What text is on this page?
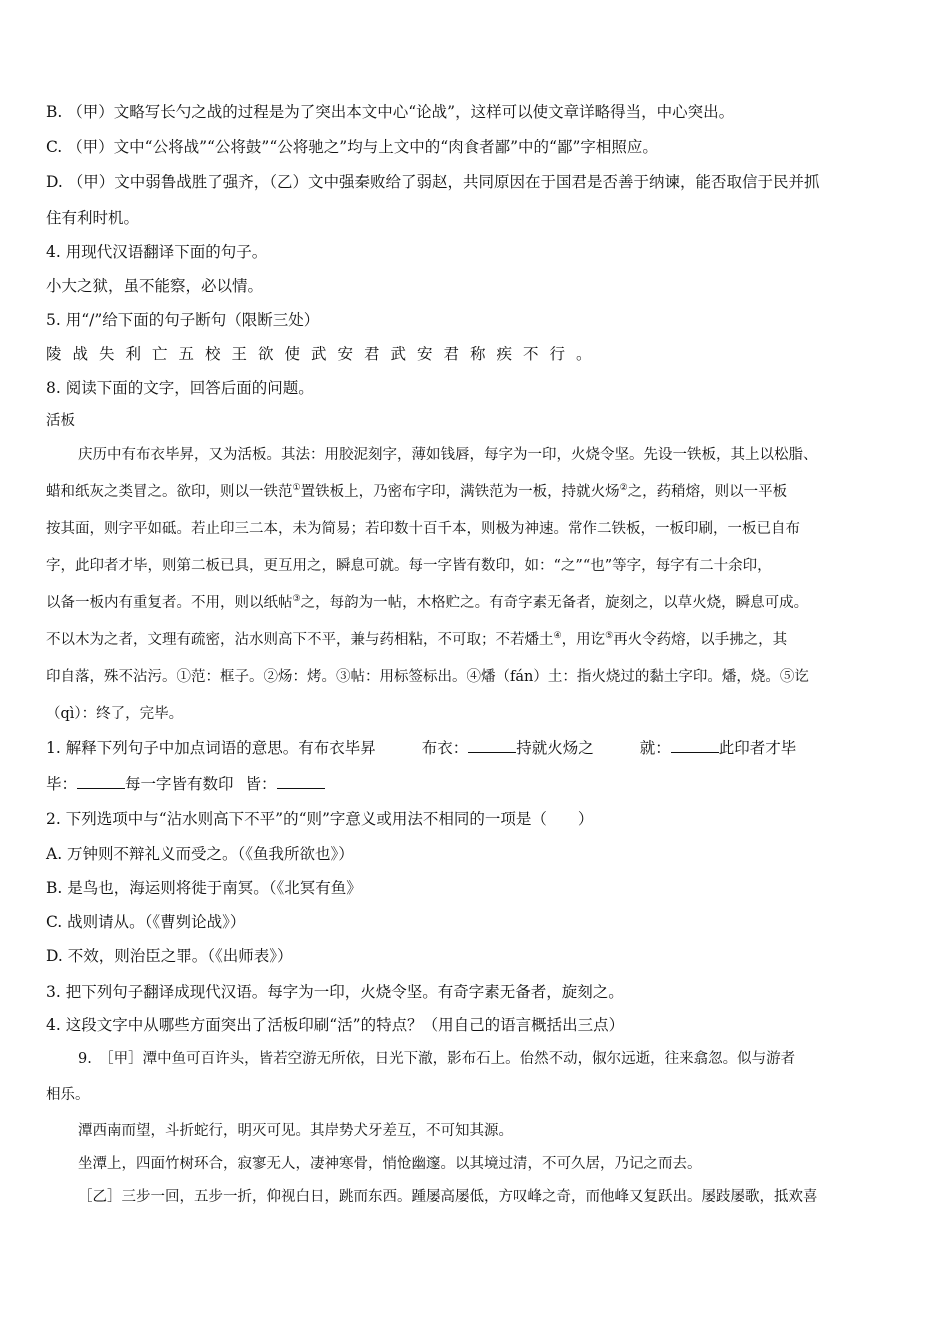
B. （甲）文略写长勺之战的过程是为了突出本文中心“论战”，这样可以使文章详略得当，中心突出。
C. （甲）文中“公将战”“公将鼓”“公将驰之”均与上文中的“肉食者鄙”中的“鄙”字相照应。
D. （甲）文中弱鲁战胜了强齐，（乙）文中强秦败给了弱赵，共同原因在于国君是否善于纳谏，能否取信于民并抓
住有利时机。
4. 用现代汉语翻译下面的句子。
小大之狱，虽不能察，必以情。
5. 用“/”给下面的句子断句（限断三处）
陵战失利亡五校王欲使武安君武安君称疾不行。
8. 阅读下面的文字，回答后面的问题。
活板
庆历中有布衣毕昇，又为活板。其法：用胶泥刻字，薄如钱唇，每字为一印，火烧令坚。先设一铁板，其上以松脂、
蜡和纸灰之类冒之。欲印，则以一铁范①置铁板上，乃密布字印，满铁范为一板，持就火炀②之，药稍熔，则以一平板
按其面，则字平如砥。若止印三二本，未为简易；若印数十百千本，则极为神速。常作二铁板，一板印刷，一板已自布
字，此印者才毕，则第二板已具，更互用之，瞬息可就。每一字皆有数印，如：“之”“也”等字，每字有二十余印，
以备一板内有重复者。不用，则以纸帖③之，每韵为一帖，木格贮之。有奇字素无备者，旋刻之，以草火烧，瞬息可成。
不以木为之者，文理有疏密，沾水则高下不平，兼与药相粘，不可取；不若燔土④，用讫⑤再火令药熔，以手拂之，其
印自落，殊不沾污。①范：框子。②炀：烤。③帖：用标签标出。④燔（fán）土：指火烧过的黏土字印。燔，烧。⑤讫
（qì）：终了，完毕。
1. 解释下列句子中加点词语的意思。有布衣毕昇	布衣：	持就火炀之	就：	此印者才毕
毕：	每一字皆有数印 皆：
2. 下列选项中与“沾水则高下不平”的“则”字意义或用法不相同的一项是（　　）
A. 万钟则不辩礼义而受之。（《鱼我所欲也》）
B. 是鸟也，海运则将徙于南冥。（《北冥有鱼》
C. 战则请从。（《曹刿论战》）
D. 不效，则治臣之罪。（《出师表》）
3. 把下列句子翻译成现代汉语。每字为一印，火烧令坚。有奇字素无备者，旋刻之。
4. 这段文字中从哪些方面突出了活板印刷“活”的特点？（用自己的语言概括出三点）
9.　［甲］潭中鱼可百许头，皆若空游无所依，日光下澈，影布石上。佁然不动，俶尔远逝，往来翕忽。似与游者
相乐。
潭西南而望，斗折蛇行，明灭可见。其岸势犬牙差互，不可知其源。
坐潭上，四面竹树环合，寂寥无人，凄神寒骨，悄怆幽邃。以其境过清，不可久居，乃记之而去。
［乙］三步一回，五步一折，仰视白日，跳而东西。踵屡高屡低，方叹峰之奇，而他峰又复跃出。屡跂屡歌，抵欢喜
